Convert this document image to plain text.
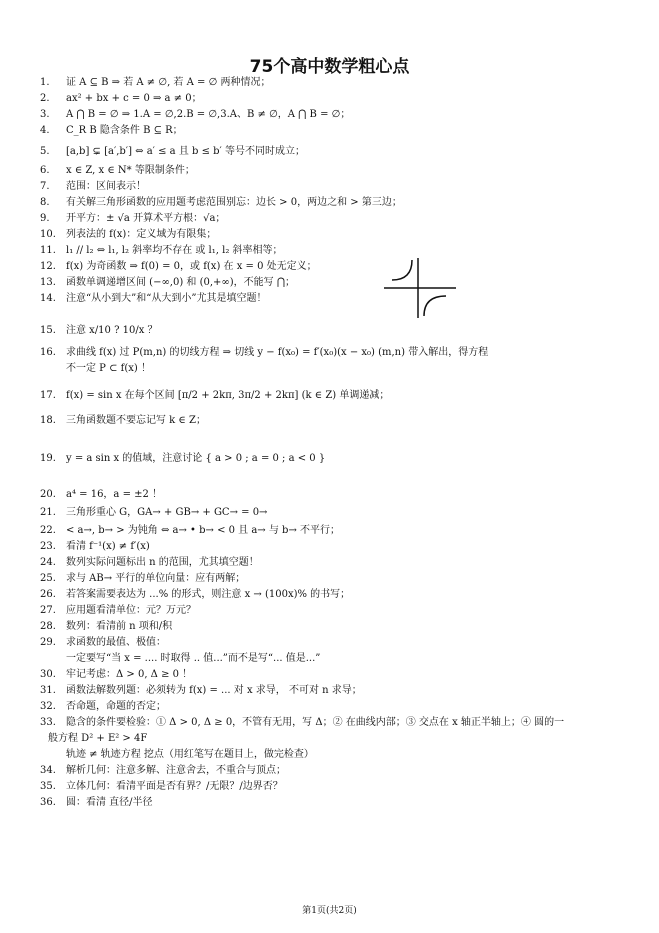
75个高中数学粗心点
1.	证 A ⊆ B ⇒ 若 A ≠ ∅, 若 A = ∅ 两种情况；
2.	ax² + bx + c = 0 ⇒ a ≠ 0；
3.	A ⋂ B = ∅ ⇒ 1.A = ∅,2.B = ∅,3.A、B ≠ ∅，A ⋂ B = ∅；
4.	C_R B 隐含条件 B ⊆ R；
5.	[a,b] ⊊ [a′,b′] ⇔ a′ ≤ a 且 b ≤ b′ 等号不同时成立；
6.	x ∈ Z, x ∈ N* 等限制条件；
7.	范围：区间表示！
8.	有关解三角形函数的应用题考虑范围别忘：边长 > 0，两边之和 > 第三边；
9.	开平方：± √a 开算术平方根：√a；
10.	列表法的 f(x)：定义域为有限集；
11.	l₁ // l₂ ⇔ l₁, l₂ 斜率均不存在 或 l₁, l₂ 斜率相等；
12.	f(x) 为奇函数 ⇒ f(0) = 0，或 f(x) 在 x = 0 处无定义；
13.	函数单调递增区间 (−∞,0) 和 (0,+∞)，不能写 ⋂；
14.	注意“从小到大”和“从大到小”尤其是填空题！
15.	注意 x/10 ? 10/x ？
16.	求曲线 f(x) 过 P(m,n) 的切线方程 ⇒ 切线 y − f(x₀) = f′(x₀)(x − x₀) (m,n) 带入解出，得方程
不一定 P ⊂ f(x) ！
17.	f(x) = sin x 在每个区间 [π/2 + 2kπ, 3π/2 + 2kπ] (k ∈ Z) 单调递减；
18.	三角函数题不要忘记写 k ∈ Z；
19.	y = a sin x 的值域，注意讨论 { a > 0 ; a = 0 ; a < 0 }
20.	a⁴ = 16，a = ±2 ！
21.	三角形重心 G，GA→ + GB→ + GC→ = 0→
22.	< a→, b→ > 为钝角 ⇔ a→ • b→ < 0 且 a→ 与 b→ 不平行；
23.	看清 f⁻¹(x) ≠ f′(x)
24.	数列实际问题标出 n 的范围，尤其填空题！
25.	求与 AB→ 平行的单位向量：应有两解；
26.	若答案需要表达为 ...% 的形式，则注意 x → (100x)% 的书写；
27.	应用题看清单位：元？万元？
28.	数列：看清前 n 项和/积
29.	求函数的最值、极值：
一定要写“当 x = .... 时取得 .. 值...”而不是写“... 值是...”
30.	牢记考虑：Δ > 0, Δ ≥ 0 ！
31.	函数法解数列题：必须转为 f(x) = ... 对 x 求导， 不可对 n 求导；
32.	否命题，命题的否定；
33.	隐含的条件要检验：① Δ > 0, Δ ≥ 0，不管有无用，写 Δ；② 在曲线内部；③ 交点在 x 轴正半轴上；④ 圆的一
般方程 D² + E² > 4F
轨迹 ≠ 轨迹方程 挖点（用红笔写在题目上，做完检查）
34.	解析几何：注意多解、注意舍去，不重合与顶点；
35.	立体几何：看清平面是否有界？/无限？/边界否？
36.	圆：看清 直径/半径
第1页(共2页)
